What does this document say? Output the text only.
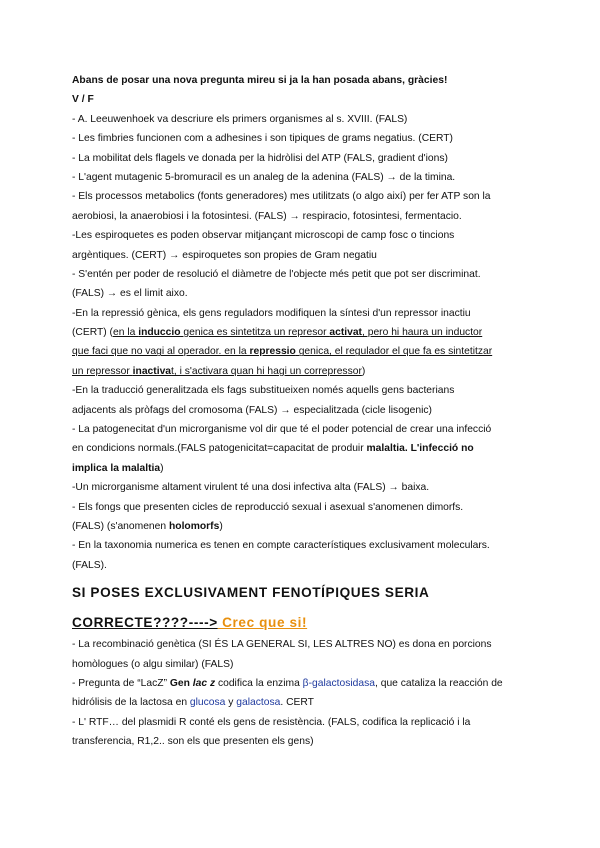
Abans de posar una nova pregunta mireu si ja la han posada abans, gràcies!
V / F
- A. Leeuwenhoek va descriure els primers organismes al s. XVIII. (FALS)
- Les fimbries funcionen com a adhesines i son tipiques de grams negatius. (CERT)
- La mobilitat dels flagels ve donada per la hidròlisi del ATP (FALS, gradient d'ions)
- L'agent mutagenic 5-bromuracil es un analeg de la adenina (FALS) → de la timina.
- Els processos metabolics (fonts generadores) mes utilitzats (o algo així) per fer ATP son la
aerobiosi, la anaerobiosi i la fotosintesi. (FALS) → respiracio, fotosintesi, fermentacio.
-Les espiroquetes es poden observar mitjançant microscopi de camp fosc o tincions
argèntiques. (CERT) → espiroquetes son propies de Gram negatiu
- S'entén per poder de resolució el diàmetre de l'objecte més petit que pot ser discriminat.
(FALS) → es el limit aixo.
-En la repressió gènica, els gens reguladors modifiquen la síntesi d'un repressor inactiu
(CERT) (en la induccio genica es sintetitza un represor activat, pero hi haura un inductor
que faci que no vagi al operador. en la repressio genica, el regulador el que fa es sintetitzar
un repressor inactivat, i s'activara quan hi hagi un correpressor)
-En la traducció generalitzada els fags substitueixen només aquells gens bacterians
adjacents als pròfags del cromosoma (FALS) → especialitzada (cicle lisogenic)
- La patogenecitat d'un microrganisme vol dir que té el poder potencial de crear una infecció
en condicions normals.(FALS patogenicitat=capacitat de produir malaltia. L'infecció no
implica la malaltia)
-Un microrganisme altament virulent té una dosi infectiva alta (FALS) → baixa.
- Els fongs que presenten cicles de reproducció sexual i asexual s'anomenen dimorfs.
(FALS) (s'anomenen holomorfs)
- En la taxonomia numerica es tenen en compte característiques exclusivament moleculars.
(FALS).
SI POSES EXCLUSIVAMENT FENOTÍPIQUES SERIA
CORRECTE????----> Crec que si!
- La recombinació genètica (SI ÉS LA GENERAL SI, LES ALTRES NO) es dona en porcions
homòlogues (o algu similar) (FALS)
- Pregunta de “LacZ” Gen lac z codifica la enzima β-galactosidasa, que cataliza la reacción de
hidrólisis de la lactosa en glucosa y galactosa. CERT
- L' RTF… del plasmidi R conté els gens de resistència. (FALS, codifica la replicació i la
transferencia, R1,2.. son els que presenten els gens)
